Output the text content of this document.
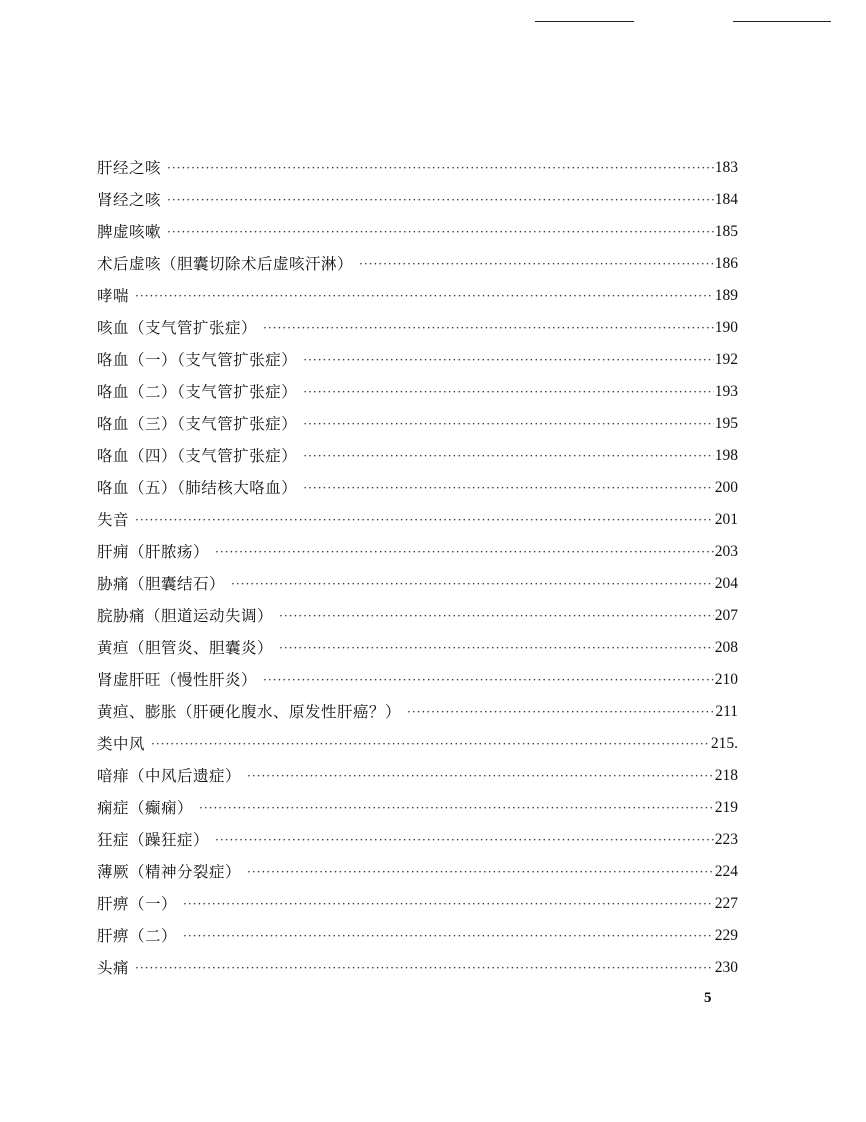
肝经之咳 ·····	183
肾经之咳 ·····	184
脾虚咳嗽 ·····	185
术后虚咳（胆囊切除术后虚咳汗淋） ·····	186
哮喘 ·····	189
咳血（支气管扩张症） ·····	190
咯血（一）（支气管扩张症） ·····	192
咯血（二）（支气管扩张症） ·····	193
咯血（三）（支气管扩张症） ·····	195
咯血（四）（支气管扩张症） ·····	198
咯血（五）（肺结核大咯血） ·····	200
失音 ·····	201
肝痈（肝脓疡） ·····	203
胁痛（胆囊结石） ·····	204
脘胁痛（胆道运动失调） ·····	207
黄疸（胆管炎、胆囊炎） ·····	208
肾虚肝旺（慢性肝炎） ·····	210
黄疸、膨胀（肝硬化腹水、原发性肝癌？） ·····	211
类中风 ·····	215.
喑痱（中风后遗症） ·····	218
痫症（癫痫） ·····	219
狂症（躁狂症） ·····	223
薄厥（精神分裂症） ·····	224
肝痹（一） ·····	227
肝痹（二） ·····	229
头痛 ·····	230
5
